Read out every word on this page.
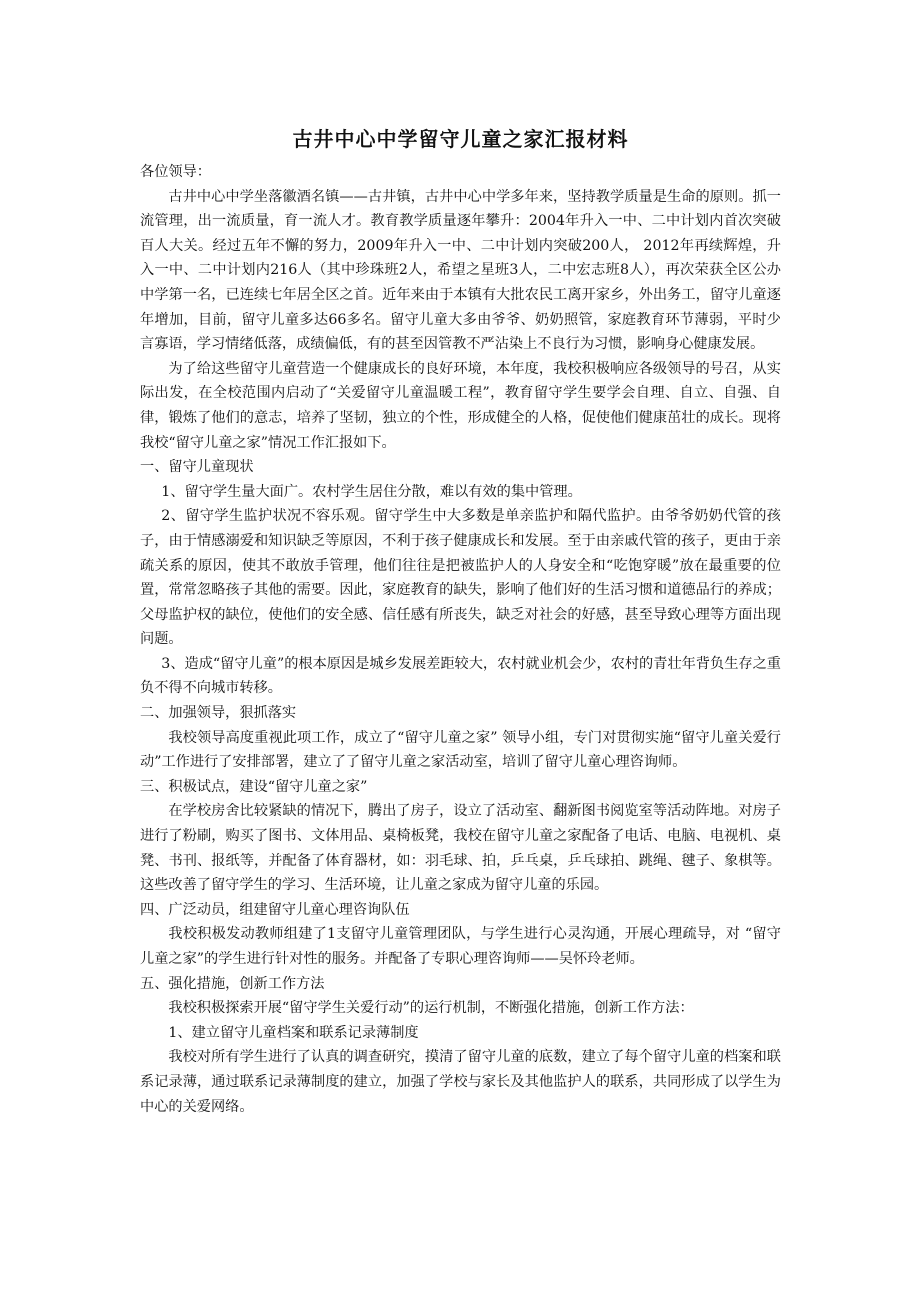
古井中心中学留守儿童之家汇报材料

各位领导：

古井中心中学坐落徽酒名镇——古井镇，古井中心中学多年来，坚持教学质量是生命的原则。抓一流管理，出一流质量，育一流人才。教育教学质量逐年攀升：2004年升入一中、二中计划内首次突破百人大关。经过五年不懈的努力，2009年升入一中、二中计划内突破200人， 2012年再续辉煌，升入一中、二中计划内216人（其中珍珠班2人，希望之星班3人，二中宏志班8人），再次荣获全区公办中学第一名，已连续七年居全区之首。近年来由于本镇有大批农民工离开家乡，外出务工，留守儿童逐年增加，目前，留守儿童多达66多名。留守儿童大多由爷爷、奶奶照管，家庭教育环节薄弱，平时少言寡语，学习情绪低落，成绩偏低，有的甚至因管教不严沾染上不良行为习惯，影响身心健康发展。

为了给这些留守儿童营造一个健康成长的良好环境，本年度，我校积极响应各级领导的号召，从实际出发，在全校范围内启动了“关爱留守儿童温暖工程”，教育留守学生要学会自理、自立、自强、自律，锻炼了他们的意志，培养了坚韧，独立的个性，形成健全的人格，促使他们健康茁壮的成长。现将我校“留守儿童之家”情况工作汇报如下。

一、留守儿童现状

1、留守学生量大面广。农村学生居住分散，难以有效的集中管理。

2、留守学生监护状况不容乐观。留守学生中大多数是单亲监护和隔代监护。由爷爷奶奶代管的孩子，由于情感溺爱和知识缺乏等原因，不利于孩子健康成长和发展。至于由亲戚代管的孩子，更由于亲疏关系的原因，使其不敢放手管理，他们往往是把被监护人的人身安全和“吃饱穿暖”放在最重要的位置，常常忽略孩子其他的需要。因此，家庭教育的缺失，影响了他们好的生活习惯和道德品行的养成；父母监护权的缺位，使他们的安全感、信任感有所丧失，缺乏对社会的好感，甚至导致心理等方面出现问题。

3、造成“留守儿童”的根本原因是城乡发展差距较大，农村就业机会少，农村的青壮年背负生存之重负不得不向城市转移。

二、加强领导，狠抓落实

我校领导高度重视此项工作，成立了“留守儿童之家” 领导小组，专门对贯彻实施“留守儿童关爱行动”工作进行了安排部署，建立了了留守儿童之家活动室，培训了留守儿童心理咨询师。

三、积极试点，建设“留守儿童之家”

在学校房舍比较紧缺的情况下，腾出了房子，设立了活动室、翻新图书阅览室等活动阵地。对房子进行了粉刷，购买了图书、文体用品、桌椅板凳，我校在留守儿童之家配备了电话、电脑、电视机、桌凳、书刊、报纸等，并配备了体育器材，如：羽毛球、拍，乒乓桌，乒乓球拍、跳绳、毽子、象棋等。这些改善了留守学生的学习、生活环境，让儿童之家成为留守儿童的乐园。

四、广泛动员，组建留守儿童心理咨询队伍

我校积极发动教师组建了1支留守儿童管理团队，与学生进行心灵沟通，开展心理疏导，对 “留守儿童之家”的学生进行针对性的服务。并配备了专职心理咨询师——吴怀玲老师。

五、强化措施，创新工作方法

我校积极探索开展“留守学生关爱行动”的运行机制，不断强化措施，创新工作方法：

1、建立留守儿童档案和联系记录薄制度

我校对所有学生进行了认真的调查研究，摸清了留守儿童的底数，建立了每个留守儿童的档案和联系记录薄，通过联系记录薄制度的建立，加强了学校与家长及其他监护人的联系，共同形成了以学生为中心的关爱网络。
